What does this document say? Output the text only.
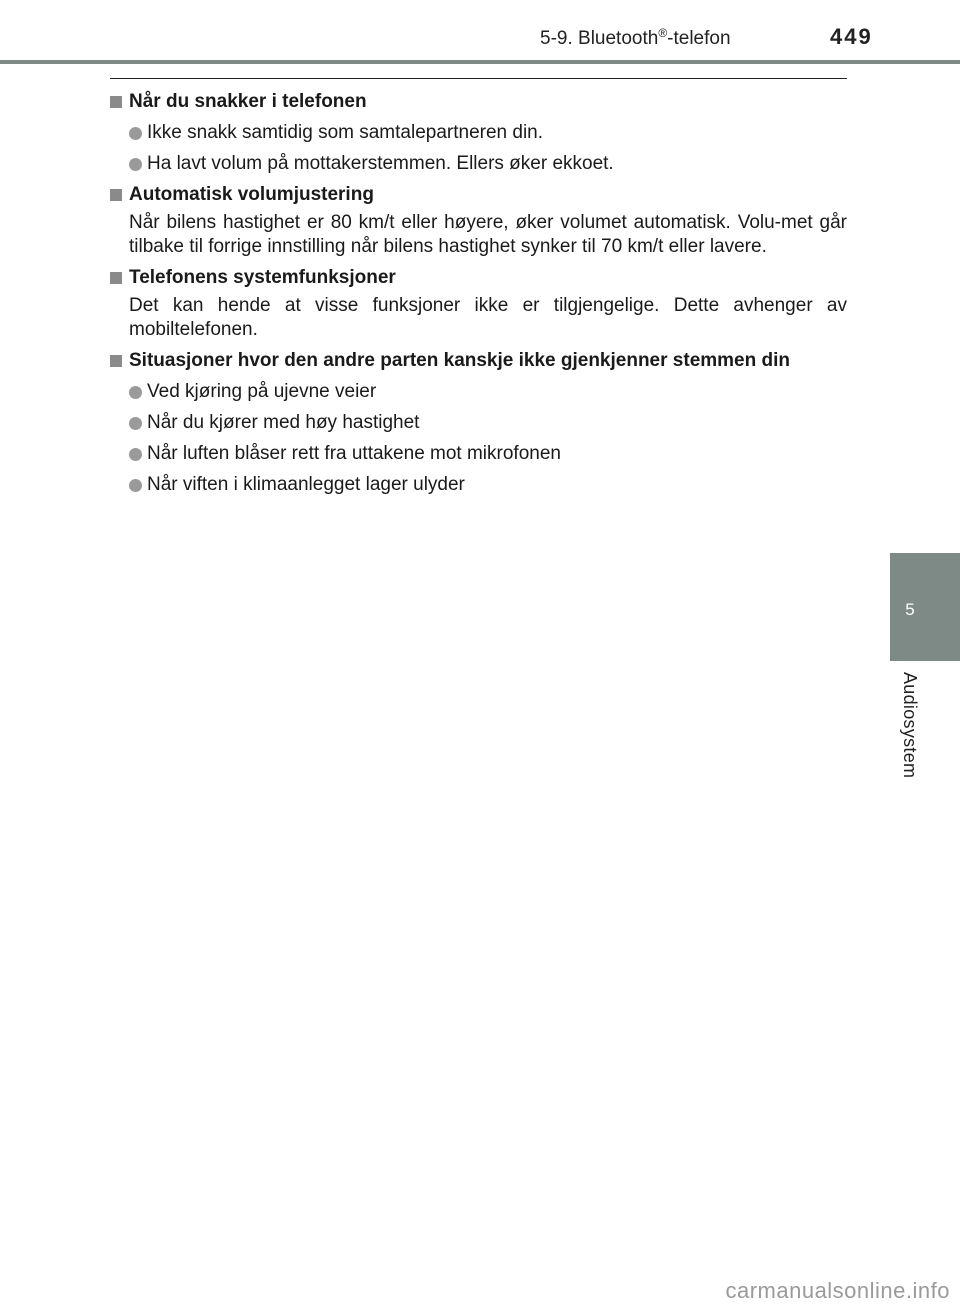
5-9. Bluetooth®-telefon	449
5
Audiosystem
Når du snakker i telefonen
Ikke snakk samtidig som samtalepartneren din.
Ha lavt volum på mottakerstemmen. Ellers øker ekkoet.
Automatisk volumjustering
Når bilens hastighet er 80 km/t eller høyere, øker volumet automatisk. Volu-met går tilbake til forrige innstilling når bilens hastighet synker til 70 km/t eller lavere.
Telefonens systemfunksjoner
Det kan hende at visse funksjoner ikke er tilgjengelige. Dette avhenger av mobiltelefonen.
Situasjoner hvor den andre parten kanskje ikke gjenkjenner stemmen din
Ved kjøring på ujevne veier
Når du kjører med høy hastighet
Når luften blåser rett fra uttakene mot mikrofonen
Når viften i klimaanlegget lager ulyder
carmanualsonline.info
